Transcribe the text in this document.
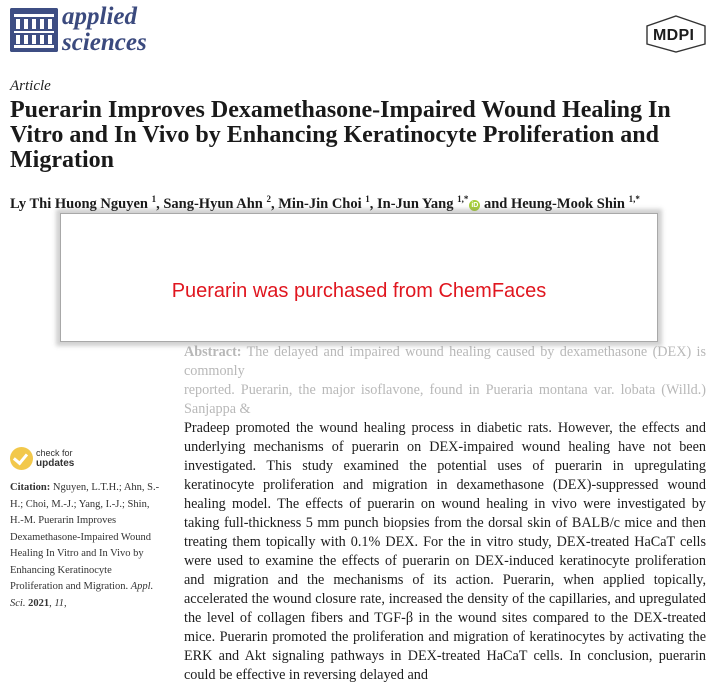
applied
sciences	MDPI
Article
Puerarin Improves Dexamethasone-Impaired Wound Healing In Vitro and In Vivo by Enhancing Keratinocyte Proliferation and Migration
Ly Thi Huong Nguyen $^1$, Sang-Hyun Ahn $^2$, Min-Jin Choi $^1$, In-Jun Yang $^{1,*}$iD and Heung-Mook Shin $^{1,*}$
Abstract: The delayed and impaired wound healing caused by dexamethasone (DEX) is commonly
reported. Puerarin, the major isoflavone, found in Pueraria montana var. lobata (Willd.) Sanjappa &
Pradeep promoted the wound healing process in diabetic rats. However, the effects and underlying mechanisms of puerarin on DEX-impaired wound healing have not been investigated. This study examined the potential uses of puerarin in upregulating keratinocyte proliferation and migration in dexamethasone (DEX)-suppressed wound healing model. The effects of puerarin on wound healing in vivo were investigated by taking full-thickness 5 mm punch biopsies from the dorsal skin of BALB/c mice and then treating them topically with 0.1% DEX. For the in vitro study, DEX-treated HaCaT cells were used to examine the effects of puerarin on DEX-induced keratinocyte proliferation and migration and the mechanisms of its action. Puerarin, when applied topically, accelerated the wound closure rate, increased the density of the capillaries, and upregulated the level of collagen fibers and TGF-β in the wound sites compared to the DEX-treated mice. Puerarin promoted the proliferation and migration of keratinocytes by activating the ERK and Akt signaling pathways in DEX-treated HaCaT cells. In conclusion, puerarin could be effective in reversing delayed and
check for
updates
Citation: Nguyen, L.T.H.; Ahn, S.-H.; Choi, M.-J.; Yang, I.-J.; Shin, H.-M. Puerarin Improves Dexamethasone-Impaired Wound Healing In Vitro and In Vivo by Enhancing Keratinocyte Proliferation and Migration. Appl. Sci. 2021, 11,
Puerarin was purchased from ChemFaces
